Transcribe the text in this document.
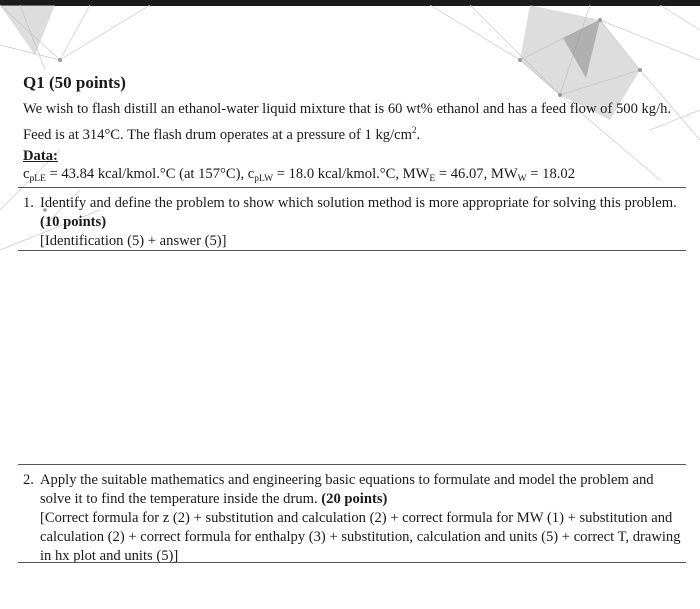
Q1 (50 points)
We wish to flash distill an ethanol-water liquid mixture that is 60 wt% ethanol and has a feed flow of 500 kg/h. Feed is at 314°C. The flash drum operates at a pressure of 1 $kg/cm^2$.
Data:
$c_{pLE} = 43.84$ kcal/kmol.°C (at 157°C), $c_{pLW} = 18.0$ kcal/kmol.°C, $MW_E = 46.07$, $MW_W = 18.02$
1. Identify and define the problem to show which solution method is more appropriate for solving this problem. (10 points)
[Identification (5) + answer (5)]
2. Apply the suitable mathematics and engineering basic equations to formulate and model the problem and solve it to find the temperature inside the drum. (20 points)
[Correct formula for z (2) + substitution and calculation (2) + correct formula for MW (1) + substitution and calculation (2) + correct formula for enthalpy (3) + substitution, calculation and units (5) + correct T, drawing in hx plot and units (5)]
